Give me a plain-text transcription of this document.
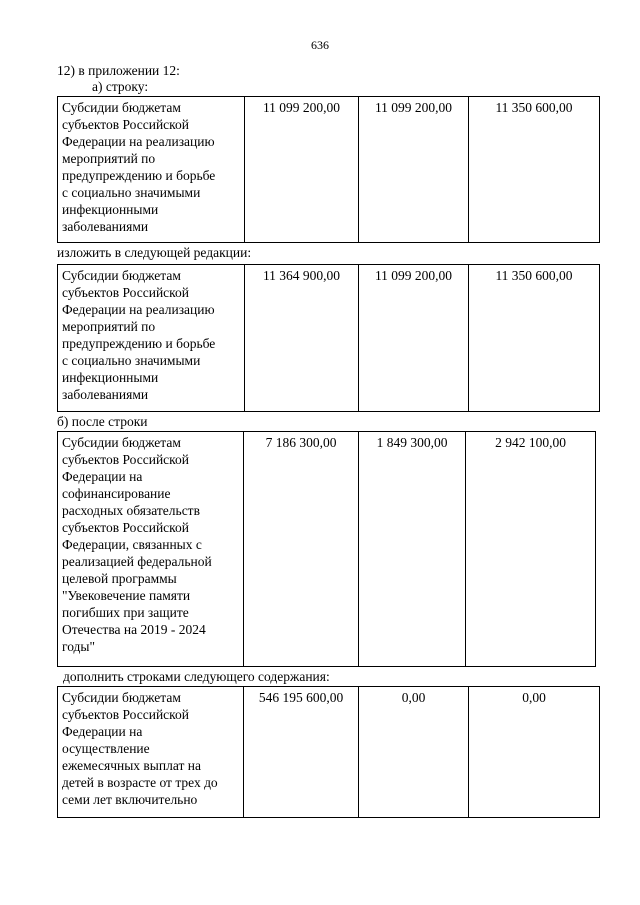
636
12) в приложении 12:
а) строку:
Субсидии бюджетам
субъектов Российской
Федерации на реализацию
мероприятий по
предупреждению и борьбе
с социально значимыми
инфекционными
заболеваниями
	11 099 200,00	11 099 200,00	11 350 600,00
изложить в следующей редакции:
Субсидии бюджетам
субъектов Российской
Федерации на реализацию
мероприятий по
предупреждению и борьбе
с социально значимыми
инфекционными
заболеваниями
	11 364 900,00	11 099 200,00	11 350 600,00
б) после строки
Субсидии бюджетам
субъектов Российской
Федерации на
софинансирование
расходных обязательств
субъектов Российской
Федерации, связанных с
реализацией федеральной
целевой программы
"Увековечение памяти
погибших при защите
Отечества на 2019 - 2024
годы"
	7 186 300,00	1 849 300,00	2 942 100,00
дополнить строками следующего содержания:
Субсидии бюджетам
субъектов Российской
Федерации на
осуществление
ежемесячных выплат на
детей в возрасте от трех до
семи лет включительно
	546 195 600,00	0,00	0,00
